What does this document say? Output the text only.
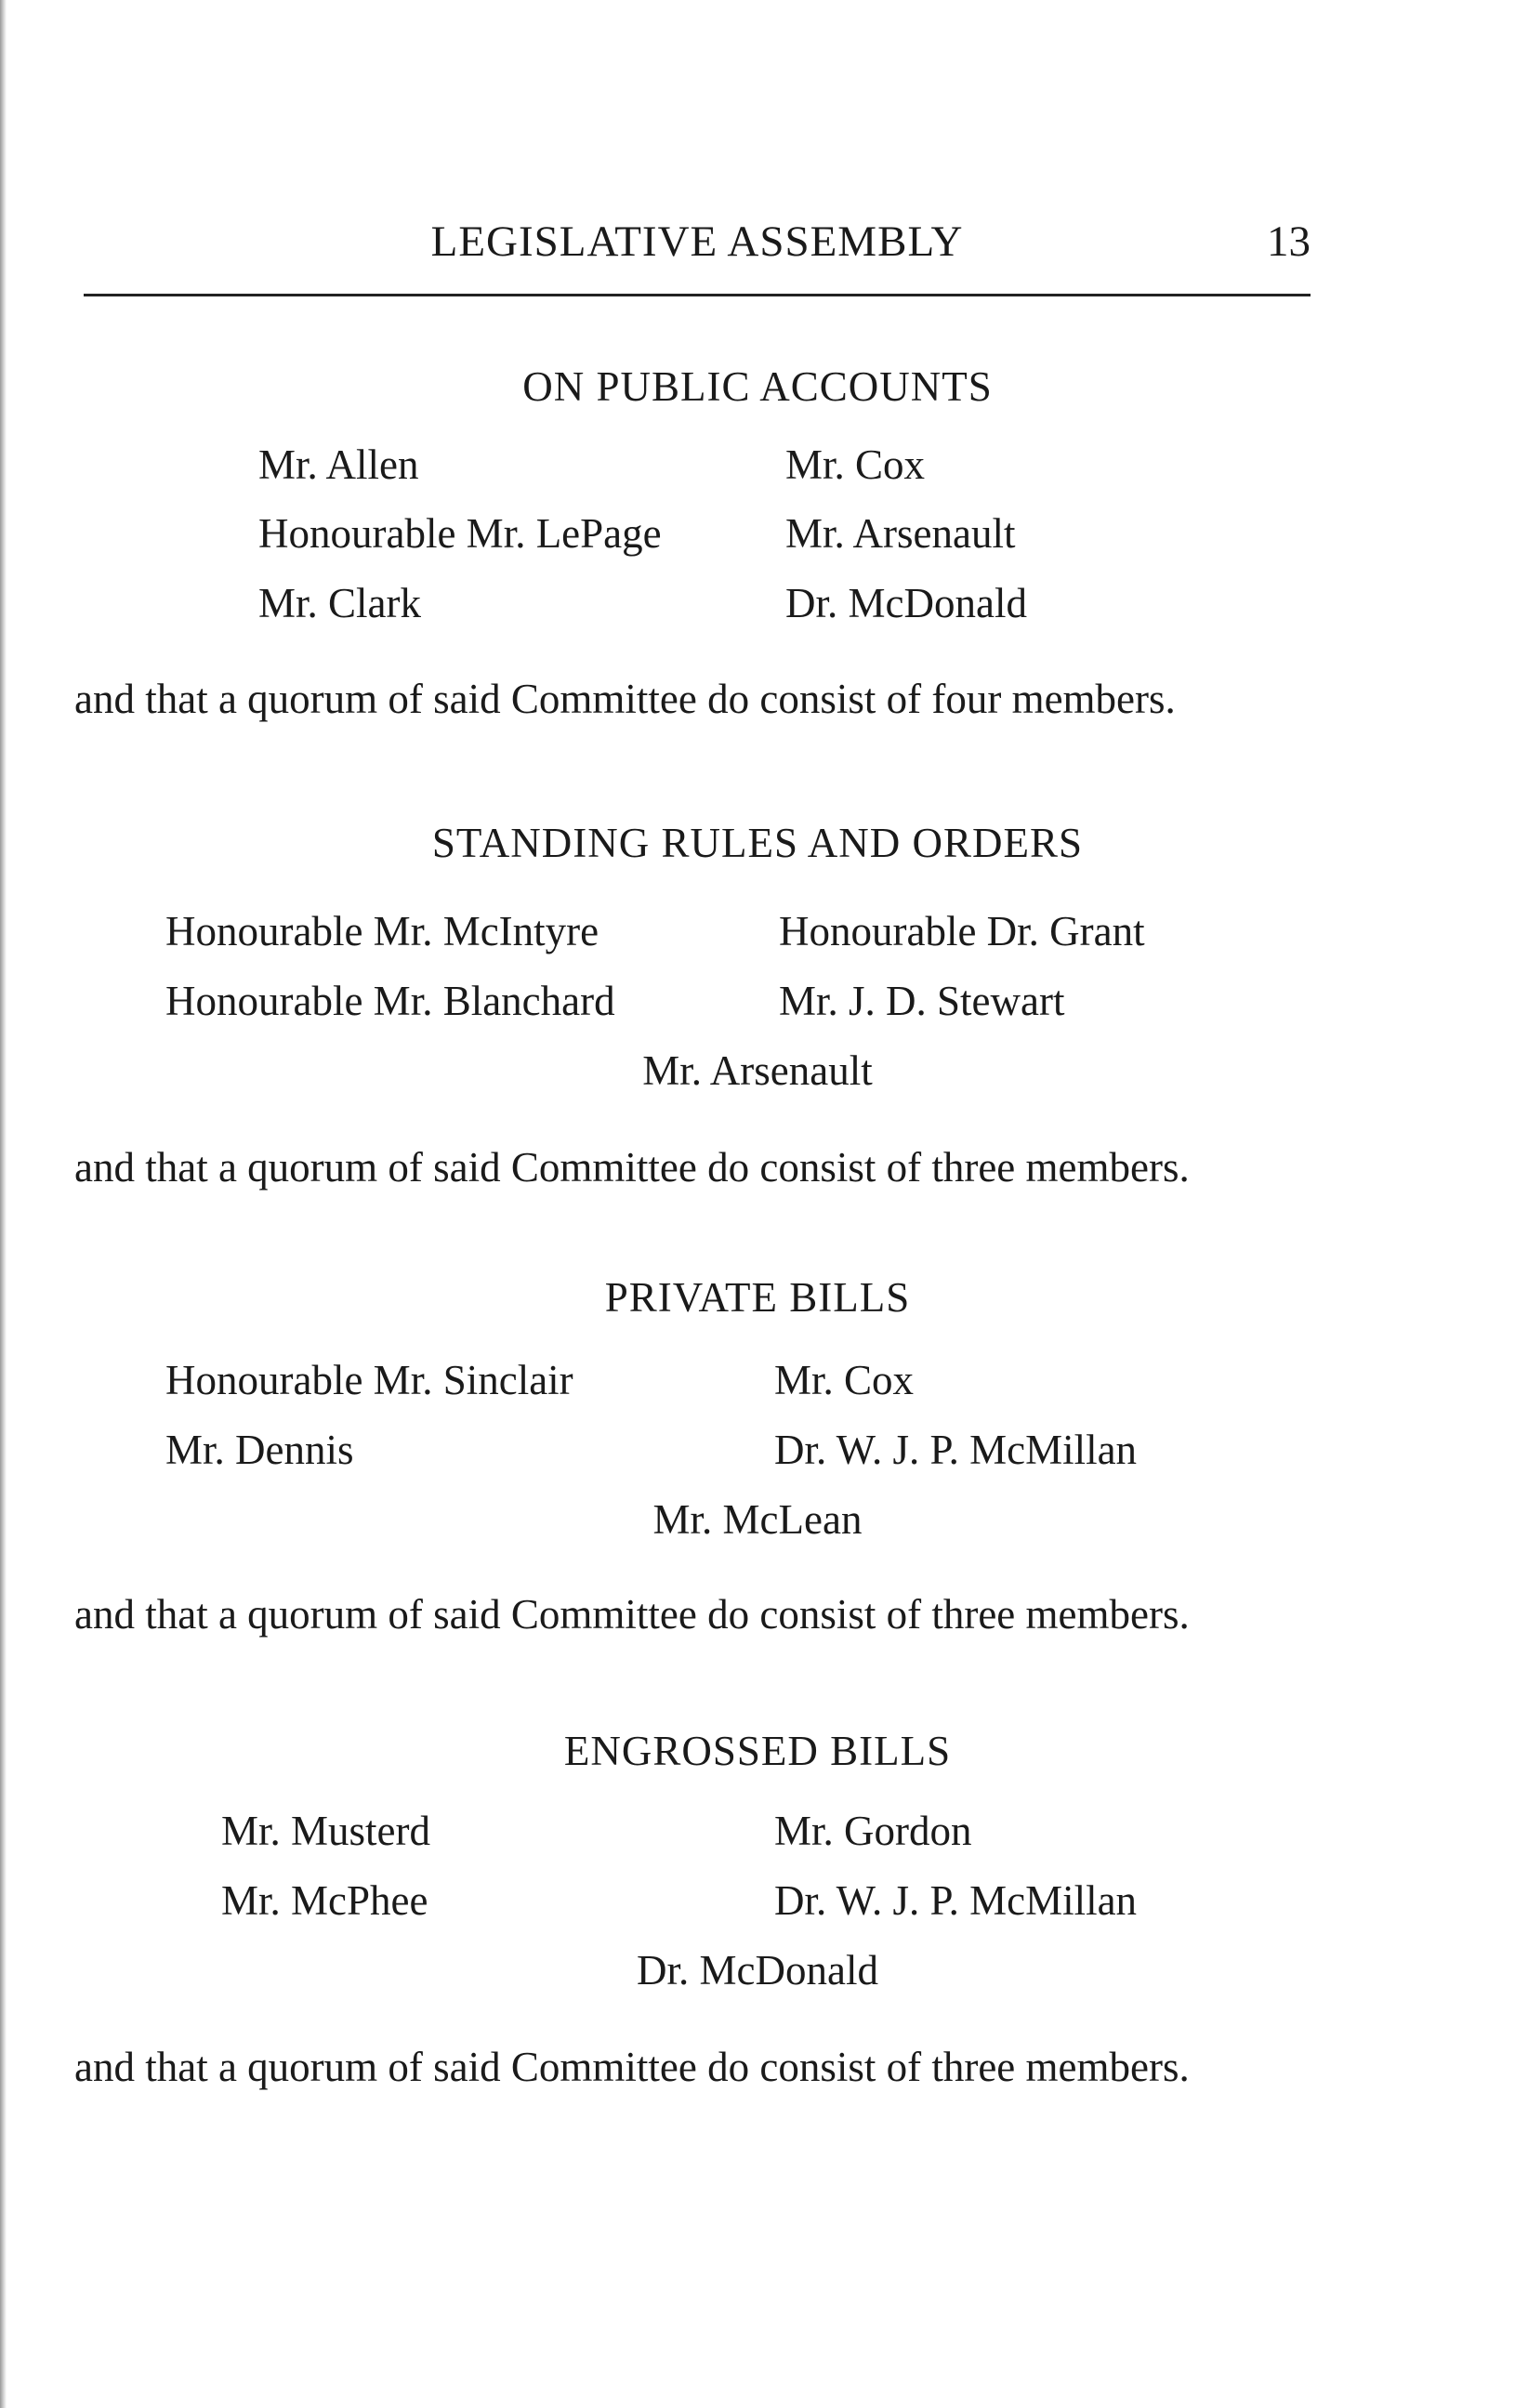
LEGISLATIVE ASSEMBLY	13
ON PUBLIC ACCOUNTS
Mr. Allen	Mr. Cox
Honourable Mr. LePage	Mr. Arsenault
Mr. Clark	Dr. McDonald
and that a quorum of said Committee do consist of four members.
STANDING RULES AND ORDERS
Honourable Mr. McIntyre	Honourable Dr. Grant
Honourable Mr. Blanchard	Mr. J. D. Stewart
Mr. Arsenault
and that a quorum of said Committee do consist of three members.
PRIVATE BILLS
Honourable Mr. Sinclair	Mr. Cox
Mr. Dennis	Dr. W. J. P. McMillan
Mr. McLean
and that a quorum of said Committee do consist of three members.
ENGROSSED BILLS
Mr. Musterd	Mr. Gordon
Mr. McPhee	Dr. W. J. P. McMillan
Dr. McDonald
and that a quorum of said Committee do consist of three members.
